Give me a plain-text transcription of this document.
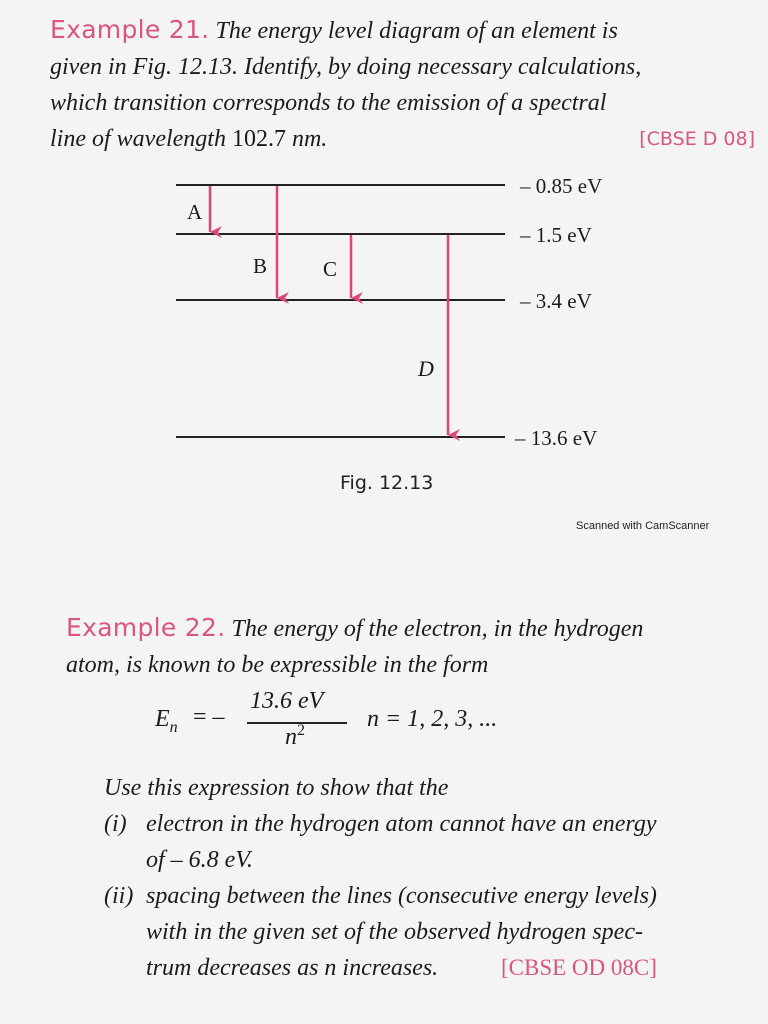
Example 21. The energy level diagram of an element is
given in Fig. 12.13. Identify, by doing necessary calculations,
which transition corresponds to the emission of a spectral
line of wavelength 102.7 nm.	[CBSE D 08]
– 0.85 eV
– 1.5 eV
– 3.4 eV
– 13.6 eV
A
B	C
D
Fig. 12.13
Scanned with CamScanner
Example 22. The energy of the electron, in the hydrogen
atom, is known to be expressible in the form
$E_n$ = –
13.6 eV
$n^2$	n = 1, 2, 3, ...
Use this expression to show that the
(i) electron in the hydrogen atom cannot have an energy
of – 6.8 eV.
(ii) spacing between the lines (consecutive energy levels)
with in the given set of the observed hydrogen spec-
trum decreases as n increases.	[CBSE OD 08C]
